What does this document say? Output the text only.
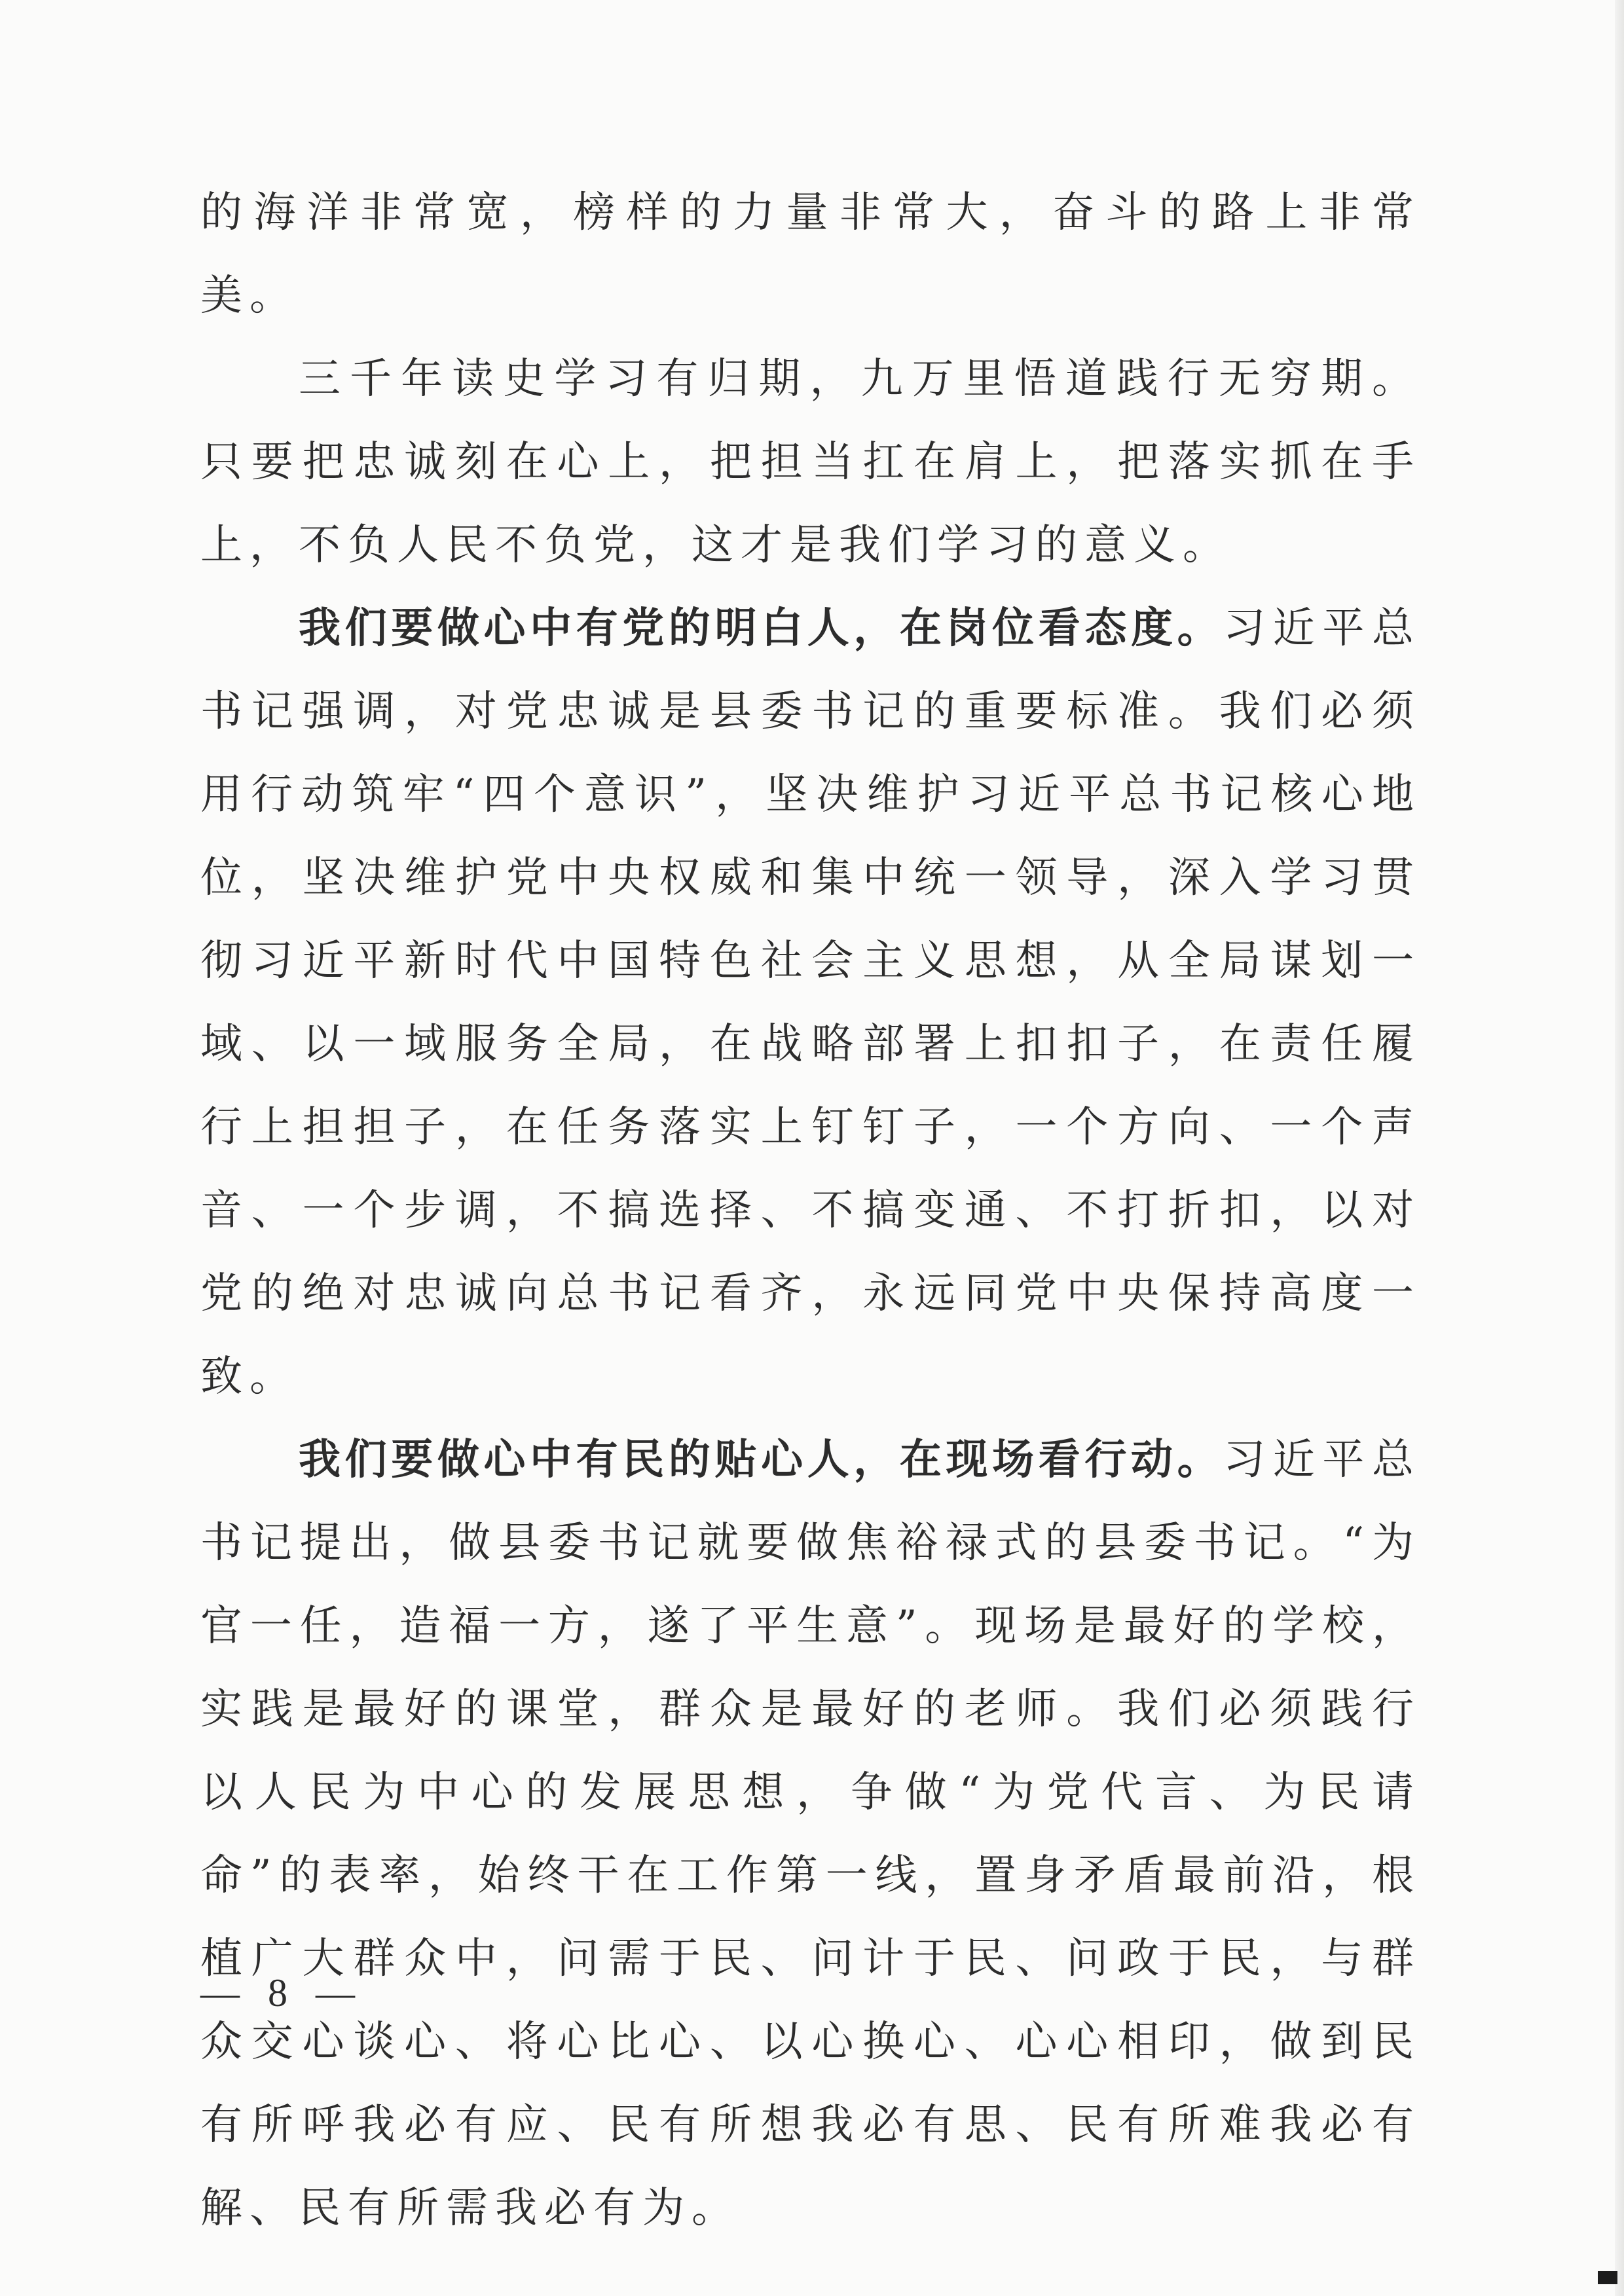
的海洋非常宽，榜样的力量非常大，奋斗的路上非常美。

三千年读史学习有归期，九万里悟道践行无穷期。只要把忠诚刻在心上，把担当扛在肩上，把落实抓在手上，不负人民不负党，这才是我们学习的意义。

我们要做心中有党的明白人，在岗位看态度。习近平总书记强调，对党忠诚是县委书记的重要标准。我们必须用行动筑牢“四个意识”，坚决维护习近平总书记核心地位，坚决维护党中央权威和集中统一领导，深入学习贯彻习近平新时代中国特色社会主义思想，从全局谋划一域、以一域服务全局，在战略部署上扣扣子，在责任履行上担担子，在任务落实上钉钉子，一个方向、一个声音、一个步调，不搞选择、不搞变通、不打折扣，以对党的绝对忠诚向总书记看齐，永远同党中央保持高度一致。

我们要做心中有民的贴心人，在现场看行动。习近平总书记提出，做县委书记就要做焦裕禄式的县委书记。“为官一任，造福一方，遂了平生意”。现场是最好的学校，实践是最好的课堂，群众是最好的老师。我们必须践行以人民为中心的发展思想，争做“为党代言、为民请命”的表率，始终干在工作第一线，置身矛盾最前沿，根植广大群众中，问需于民、问计于民、问政于民，与群众交心谈心、将心比心、以心换心、心心相印，做到民有所呼我必有应、民有所想我必有思、民有所难我必有解、民有所需我必有为。

— 8 —
